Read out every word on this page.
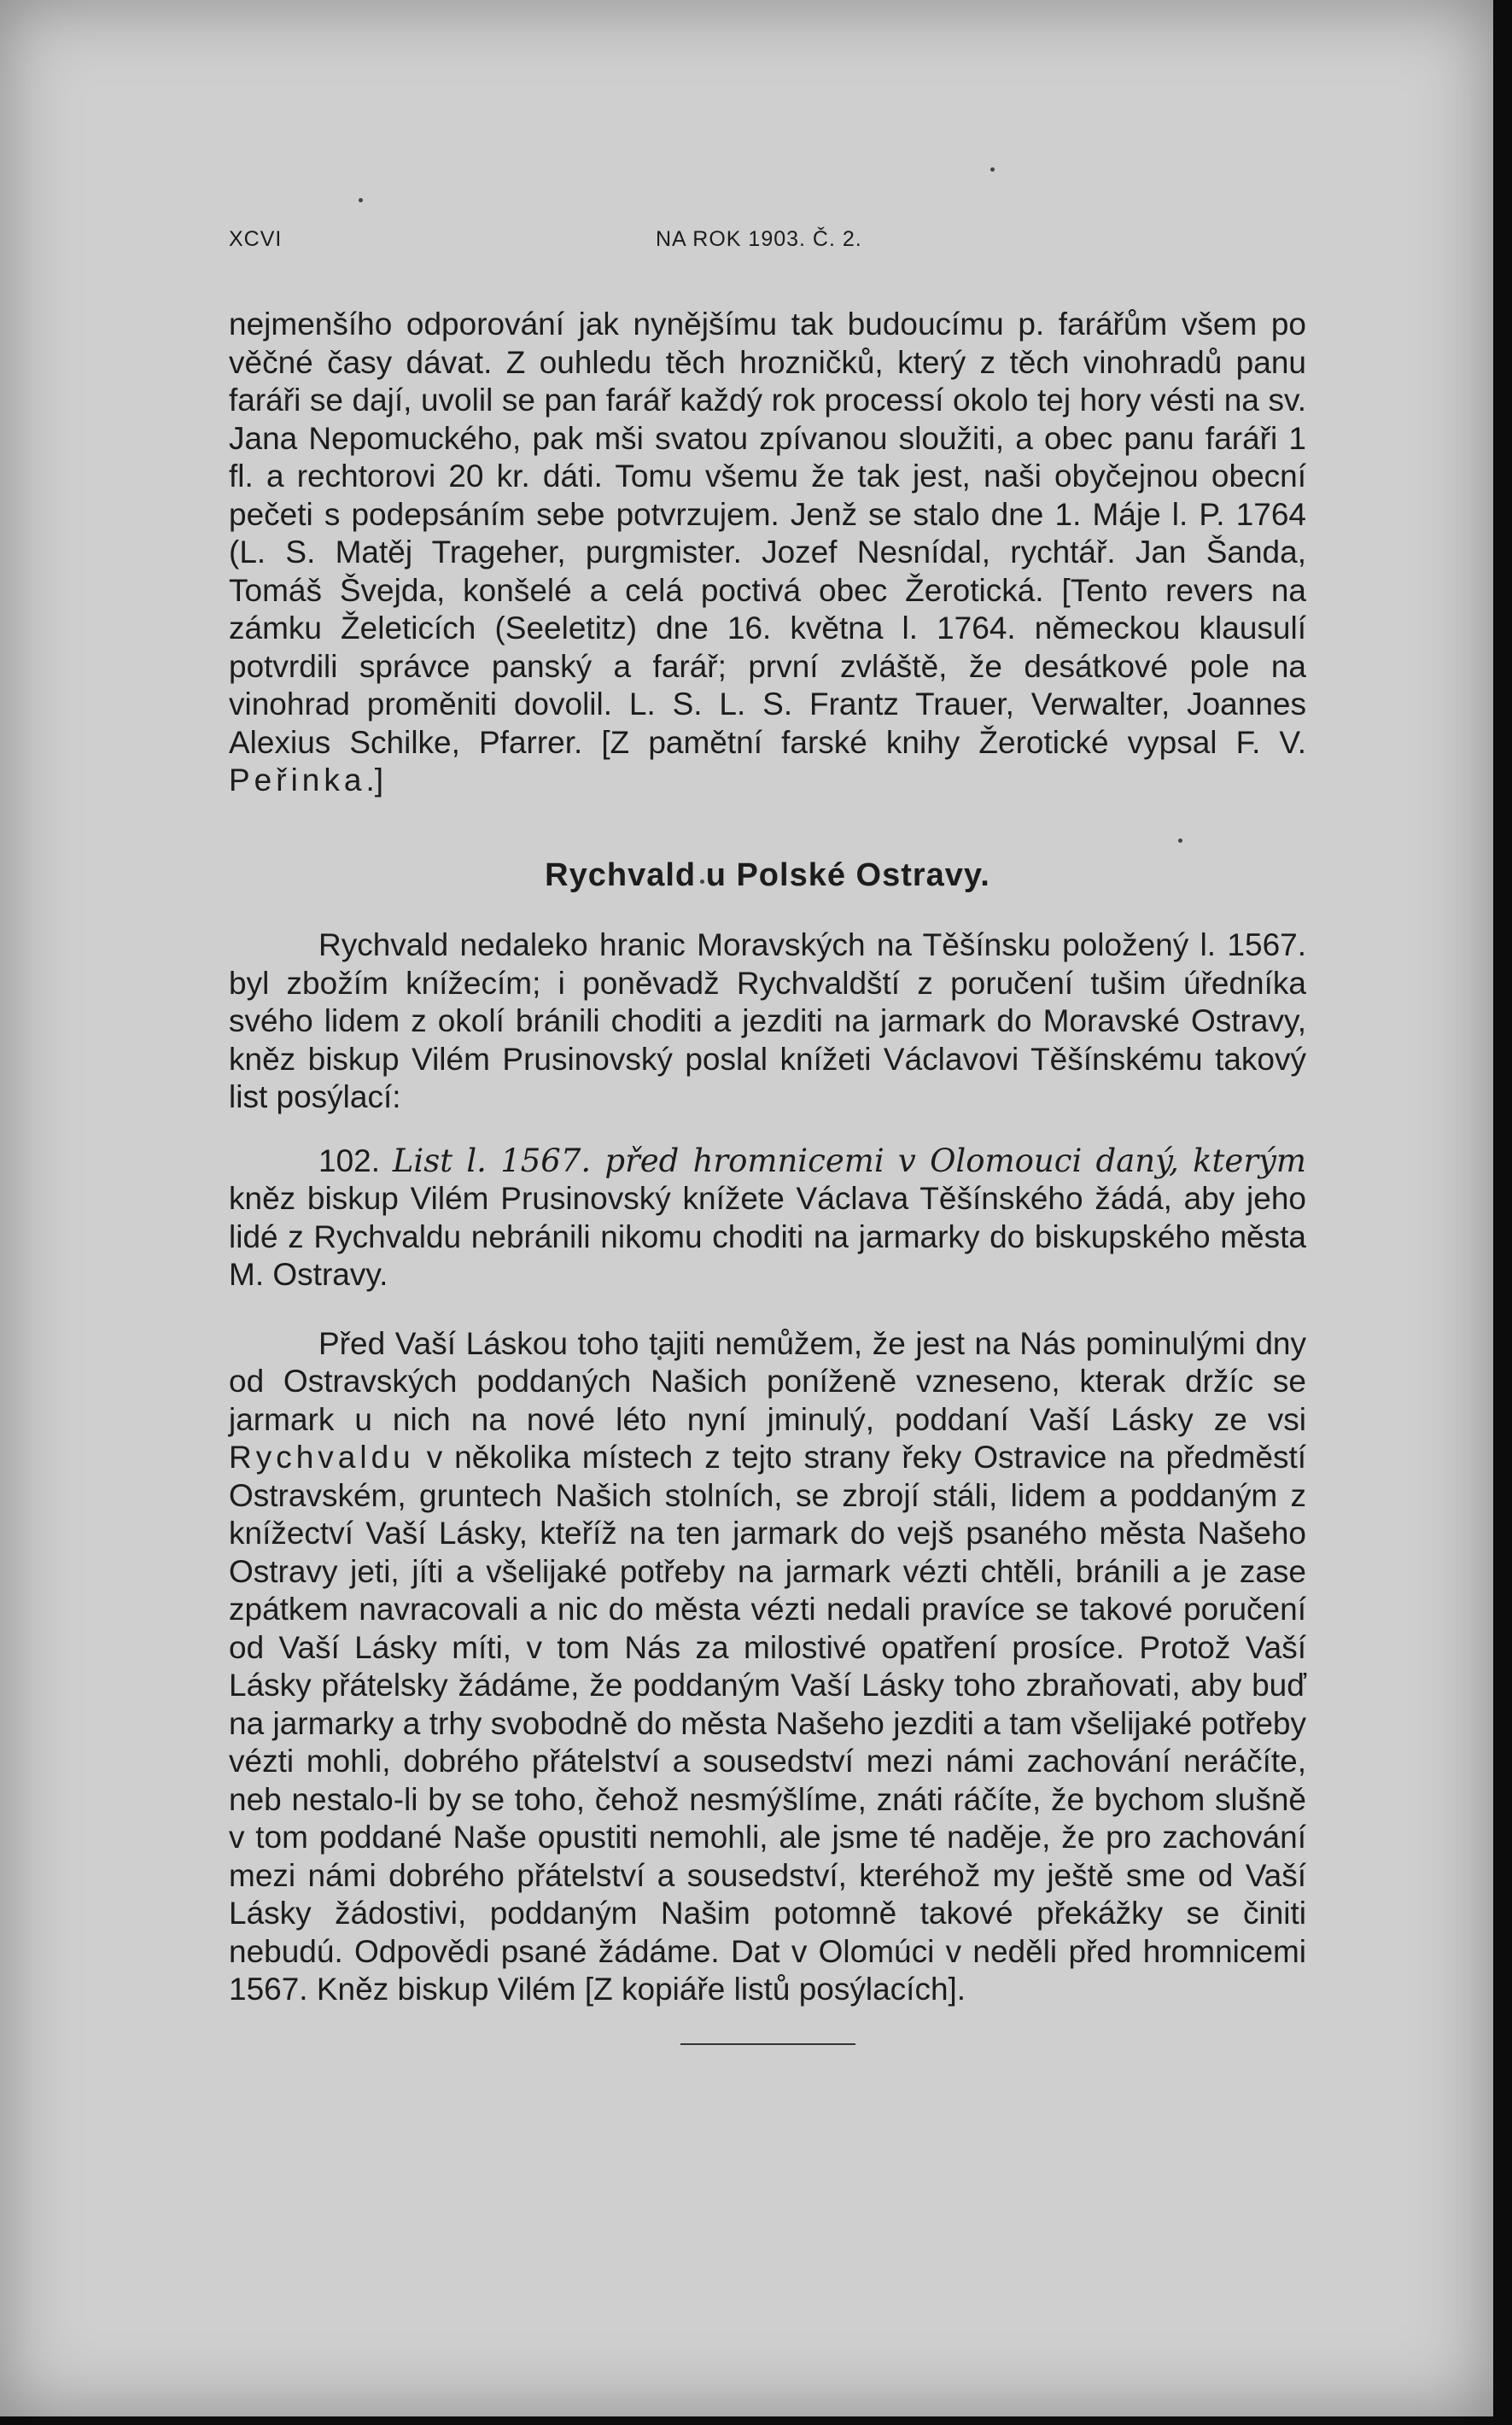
XCVI	NA ROK 1903. Č. 2.

nejmenšího odporování jak nynějšímu tak budoucímu p. farářům všem po věčné časy dávat. Z ouhledu těch hrozničků, který z těch vinohradů panu faráři se dají, uvolil se pan farář každý rok processí okolo tej hory vésti na sv. Jana Nepomuckého, pak mši svatou zpívanou sloužiti, a obec panu faráři 1 fl. a rechtorovi 20 kr. dáti. Tomu všemu že tak jest, naši obyčejnou obecní pečeti s podepsáním sebe potvrzujem. Jenž se stalo dne 1. Máje l. P. 1764 (L. S. Matěj Trageher, purgmister. Jozef Nesnídal, rychtář. Jan Šanda, Tomáš Švejda, konšelé a celá poctivá obec Žerotická. [Tento revers na zámku Želeticích (Seeletitz) dne 16. května l. 1764. německou klausulí potvrdili správce panský a farář; první zvláště, že desátkové pole na vinohrad proměniti dovolil. L. S. L. S. Frantz Trauer, Verwalter, Joannes Alexius Schilke, Pfarrer. [Z pamětní farské knihy Žerotické vypsal F. V. Peřinka.]

Rychvald u Polské Ostravy.

Rychvald nedaleko hranic Moravských na Těšínsku položený l. 1567. byl zbožím knížecím; i poněvadž Rychvaldští z poručení tušim úředníka svého lidem z okolí bránili choditi a jezditi na jarmark do Moravské Ostravy, kněz biskup Vilém Prusinovský poslal knížeti Václavovi Těšínskému takový list posýlací:

102. List l. 1567. před hromnicemi v Olomouci daný, kterým kněz biskup Vilém Prusinovský knížete Václava Těšínského žádá, aby jeho lidé z Rychvaldu nebránili nikomu choditi na jarmarky do biskupského města M. Ostravy.

Před Vaší Láskou toho tajiti nemůžem, že jest na Nás pominulými dny od Ostravských poddaných Našich poníženě vzneseno, kterak držíc se jarmark u nich na nové léto nyní jminulý, poddaní Vaší Lásky ze vsi Rychvaldu v několika místech z tejto strany řeky Ostravice na předměstí Ostravském, gruntech Našich stolních, se zbrojí stáli, lidem a poddaným z knížectví Vaší Lásky, kteříž na ten jarmark do vejš psaného města Našeho Ostravy jeti, jíti a všelijaké potřeby na jarmark vézti chtěli, bránili a je zase zpátkem navracovali a nic do města vézti nedali pravíce se takové poručení od Vaší Lásky míti, v tom Nás za milostivé opatření prosíce. Protož Vaší Lásky přátelsky žádáme, že poddaným Vaší Lásky toho zbraňovati, aby buď na jarmarky a trhy svobodně do města Našeho jezditi a tam všelijaké potřeby vézti mohli, dobrého přátelství a sousedství mezi námi zachování neráčíte, neb nestalo-li by se toho, čehož nesmýšlíme, znáti ráčíte, že bychom slušně v tom poddané Naše opustiti nemohli, ale jsme té naděje, že pro zachování mezi námi dobrého přátelství a sousedství, kteréhož my ještě sme od Vaší Lásky žádostivi, poddaným Našim potomně takové překážky se činiti nebudú. Odpovědi psané žádáme. Dat v Olomúci v neděli před hromnicemi 1567. Kněz biskup Vilém [Z kopiáře listů posýlacích].
